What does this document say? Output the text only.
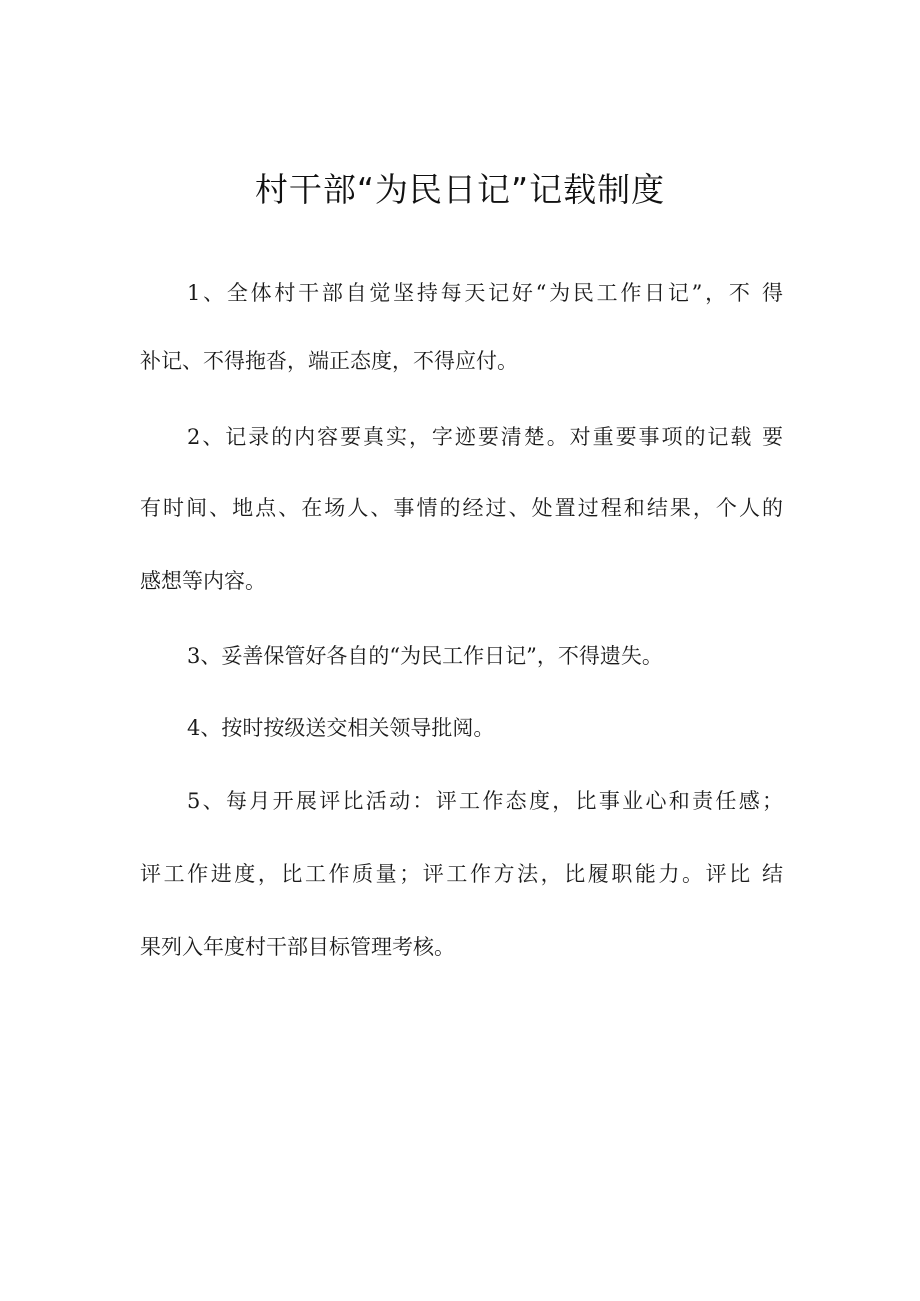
村干部“为民日记”记载制度
1、全体村干部自觉坚持每天记好“为民工作日记”，不 得
补记、不得拖沓，端正态度，不得应付。
2、记录的内容要真实，字迹要清楚。对重要事项的记载 要
有时间、地点、在场人、事情的经过、处置过程和结果，个人的
感想等内容。
3、妥善保管好各自的“为民工作日记”，不得遗失。
4、按时按级送交相关领导批阅。
5、每月开展评比活动：评工作态度，比事业心和责任感；
评工作进度，比工作质量；评工作方法，比履职能力。评比 结
果列入年度村干部目标管理考核。
